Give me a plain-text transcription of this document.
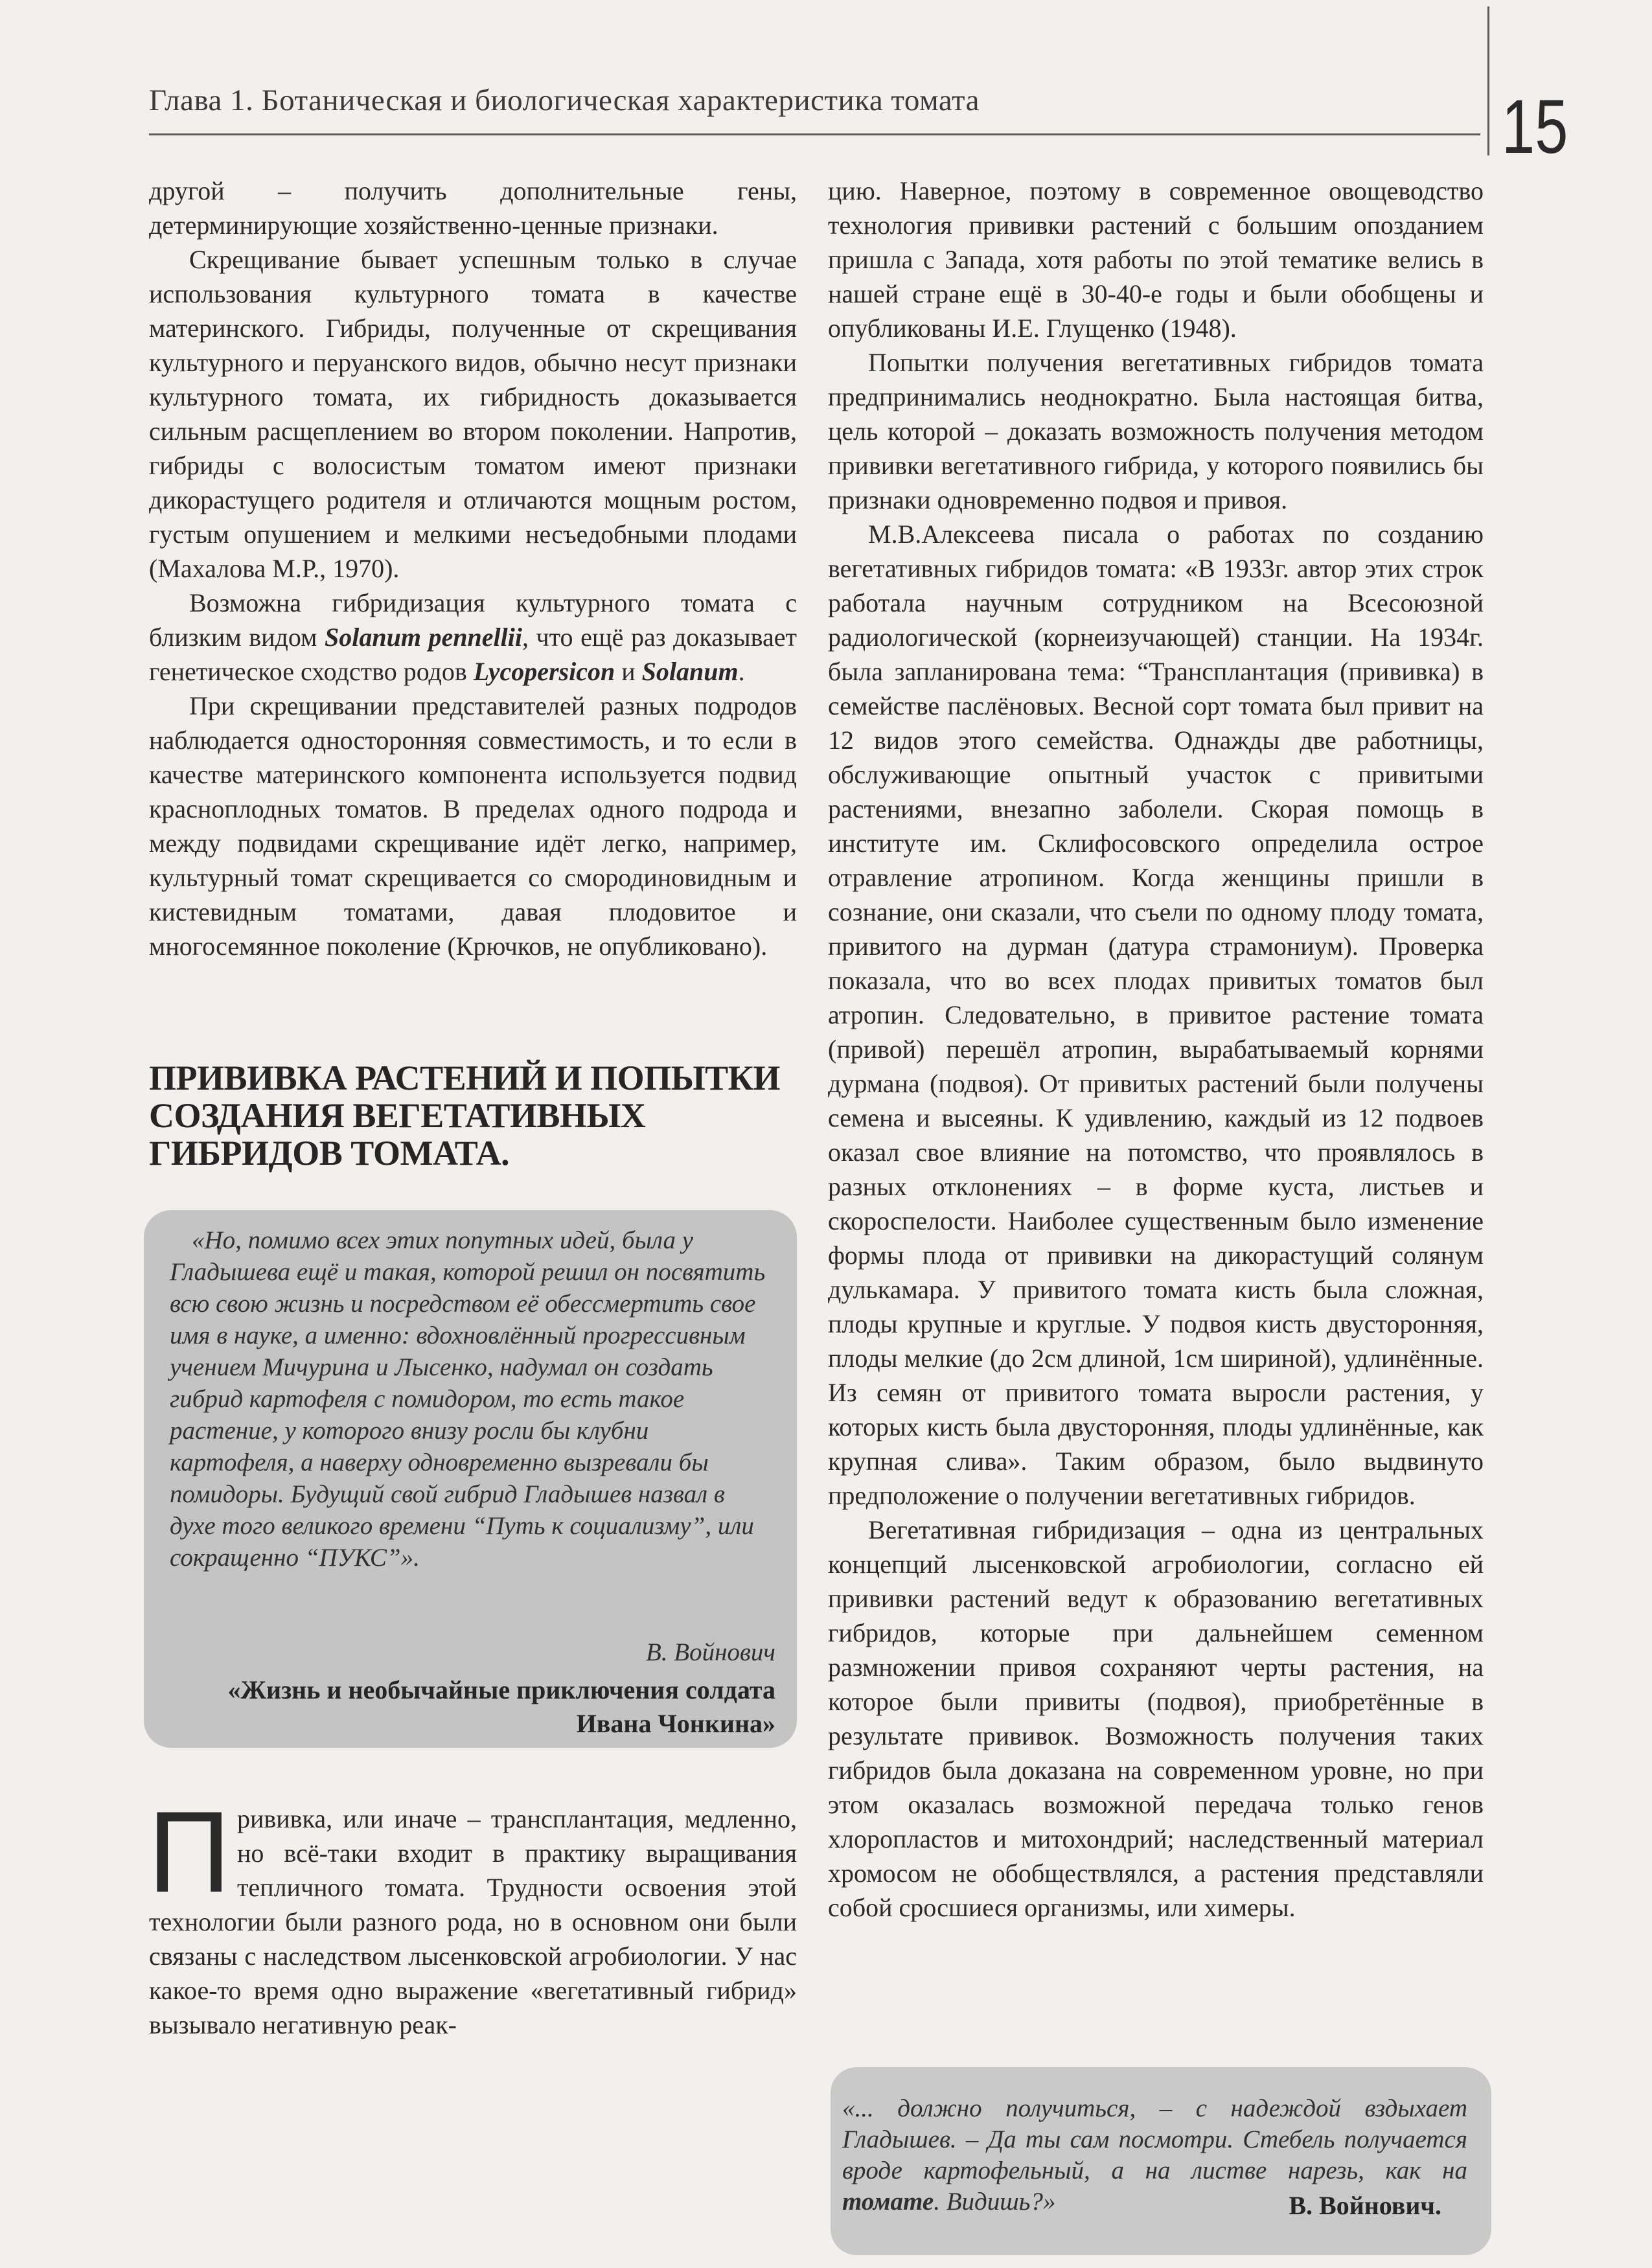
Глава 1. Ботаническая и биологическая характеристика томата	15

другой – получить дополнительные гены, детерминирующие хозяйственно-ценные признаки.

Скрещивание бывает успешным только в случае использования культурного томата в качестве материнского. Гибриды, полученные от скрещивания культурного и перуанского видов, обычно несут признаки культурного томата, их гибридность доказывается сильным расщеплением во втором поколении. Напротив, гибриды с волосистым томатом имеют признаки дикорастущего родителя и отличаются мощным ростом, густым опушением и мелкими несъедобными плодами (Махалова М.Р., 1970).

Возможна гибридизация культурного томата с близким видом Solanum pennellii, что ещё раз доказывает генетическое сходство родов Lycopersicon и Solanum.

При скрещивании представителей разных подродов наблюдается односторонняя совместимость, и то если в качестве материнского компонента используется подвид красноплодных томатов. В пределах одного подрода и между подвидами скрещивание идёт легко, например, культурный томат скрещивается со смородиновидным и кистевидным томатами, давая плодовитое и многосемянное поколение (Крючков, не опубликовано).

ПРИВИВКА РАСТЕНИЙ И ПОПЫТКИ СОЗДАНИЯ ВЕГЕТАТИВНЫХ ГИБРИДОВ ТОМАТА.

«Но, помимо всех этих попутных идей, была у Гладышева ещё и такая, которой решил он посвятить всю свою жизнь и посредством её обессмертить свое имя в науке, а именно: вдохновлённый прогрессивным учением Мичурина и Лысенко, надумал он создать гибрид картофеля с помидором, то есть такое растение, у которого внизу росли бы клубни картофеля, а наверху одновременно вызревали бы помидоры. Будущий свой гибрид Гладышев назвал в духе того великого времени “Путь к социализму”, или сокращенно “ПУКС”».

В. Войнович
«Жизнь и необычайные приключения солдата Ивана Чонкина»
Прививка, или иначе – трансплантация, медленно, но всё-таки входит в практику выращивания тепличного томата. Трудности освоения этой технологии были разного рода, но в основном они были связаны с наследством лысенковской агробиологии. У нас какое-то время одно выражение «вегетативный гибрид» вызывало негативную реак-

цию. Наверное, поэтому в современное овощеводство технология прививки растений с большим опозданием пришла с Запада, хотя работы по этой тематике велись в нашей стране ещё в 30-40-е годы и были обобщены и опубликованы И.Е. Глущенко (1948).

Попытки получения вегетативных гибридов томата предпринимались неоднократно. Была настоящая битва, цель которой – доказать возможность получения методом прививки вегетативного гибрида, у которого появились бы признаки одновременно подвоя и привоя.

М.В.Алексеева писала о работах по созданию вегетативных гибридов томата: «В 1933г. автор этих строк работала научным сотрудником на Всесоюзной радиологической (корнеизучающей) станции. На 1934г. была запланирована тема: “Трансплантация (прививка) в семействе паслёновых. Весной сорт томата был привит на 12 видов этого семейства. Однажды две работницы, обслуживающие опытный участок с привитыми растениями, внезапно заболели. Скорая помощь в институте им. Склифосовского определила острое отравление атропином. Когда женщины пришли в сознание, они сказали, что съели по одному плоду томата, привитого на дурман (датура страмониум). Проверка показала, что во всех плодах привитых томатов был атропин. Следовательно, в привитое растение томата (привой) перешёл атропин, вырабатываемый корнями дурмана (подвоя). От привитых растений были получены семена и высеяны. К удивлению, каждый из 12 подвоев оказал свое влияние на потомство, что проявлялось в разных отклонениях – в форме куста, листьев и скороспелости. Наиболее существенным было изменение формы плода от прививки на дикорастущий солянум дулькамара. У привитого томата кисть была сложная, плоды крупные и круглые. У подвоя кисть двусторонняя, плоды мелкие (до 2см длиной, 1см шириной), удлинённые. Из семян от привитого томата выросли растения, у которых кисть была двусторонняя, плоды удлинённые, как крупная слива». Таким образом, было выдвинуто предположение о получении вегетативных гибридов.

Вегетативная гибридизация – одна из центральных концепций лысенковской агробиологии, согласно ей прививки растений ведут к образованию вегетативных гибридов, которые при дальнейшем семенном размножении привоя сохраняют черты растения, на которое были привиты (подвоя), приобретённые в результате прививок. Возможность получения таких гибридов была доказана на современном уровне, но при этом оказалась возможной передача только генов хлоропластов и митохондрий; наследственный материал хромосом не обобществлялся, а растения представляли собой сросшиеся организмы, или химеры.

«... должно получиться, – с надеждой вздыхает Гладышев. – Да ты сам посмотри. Стебель получается вроде картофельный, а на листве нарезь, как на томате. Видишь?»	В. Войнович.
